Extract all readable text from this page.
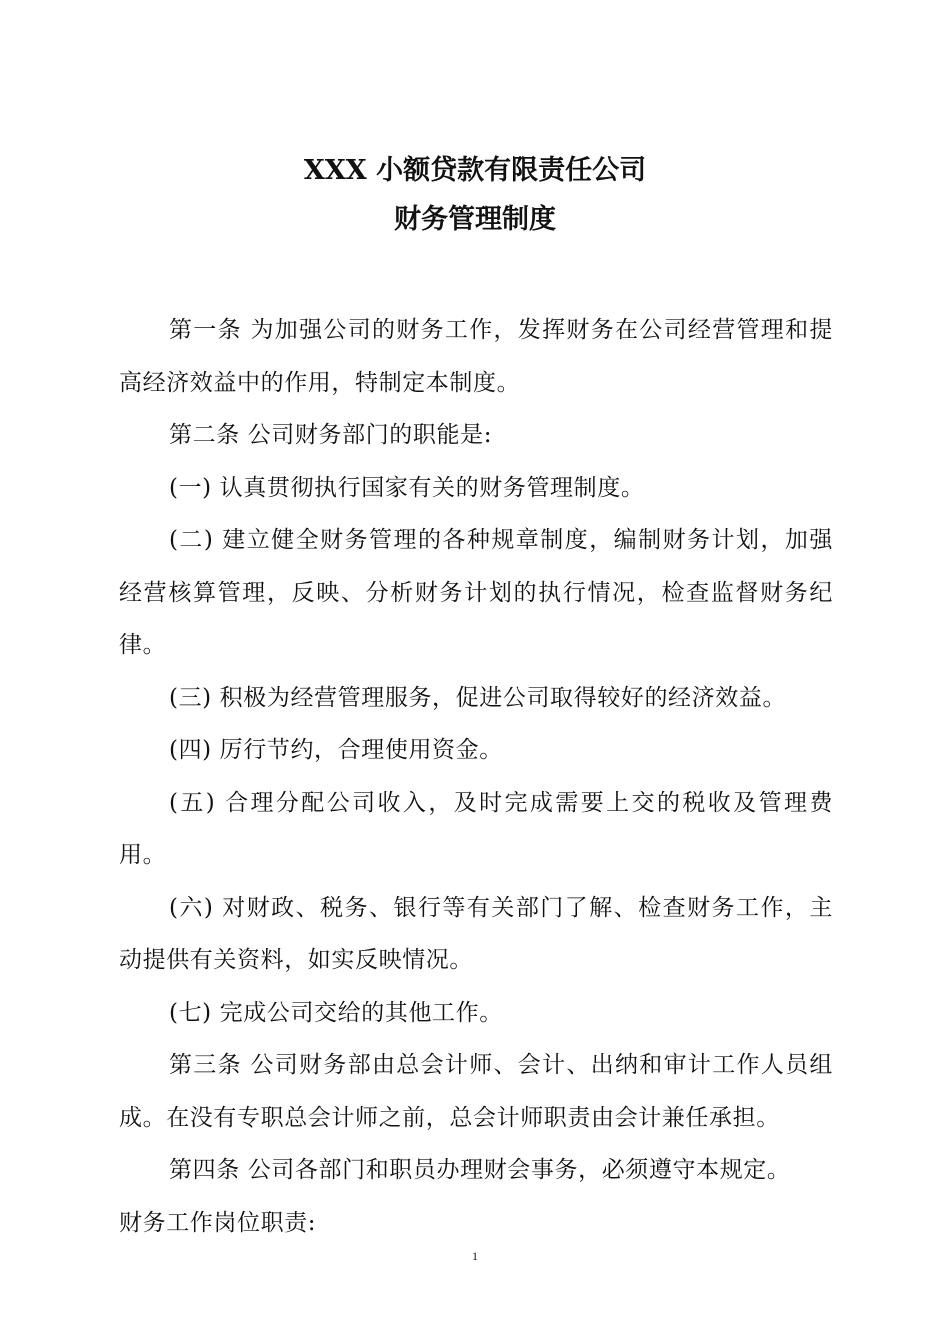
XXX 小额贷款有限责任公司
财务管理制度

第一条 为加强公司的财务工作，发挥财务在公司经营管理和提高经济效益中的作用，特制定本制度。

第二条 公司财务部门的职能是:

(一) 认真贯彻执行国家有关的财务管理制度。

(二) 建立健全财务管理的各种规章制度，编制财务计划，加强经营核算管理，反映、分析财务计划的执行情况，检查监督财务纪律。

(三) 积极为经营管理服务，促进公司取得较好的经济效益。

(四) 厉行节约，合理使用资金。

(五) 合理分配公司收入，及时完成需要上交的税收及管理费用。

(六) 对财政、税务、银行等有关部门了解、检查财务工作，主动提供有关资料，如实反映情况。

(七) 完成公司交给的其他工作。

第三条 公司财务部由总会计师、会计、出纳和审计工作人员组成。在没有专职总会计师之前，总会计师职责由会计兼任承担。

第四条 公司各部门和职员办理财会事务，必须遵守本规定。

财务工作岗位职责:

1
